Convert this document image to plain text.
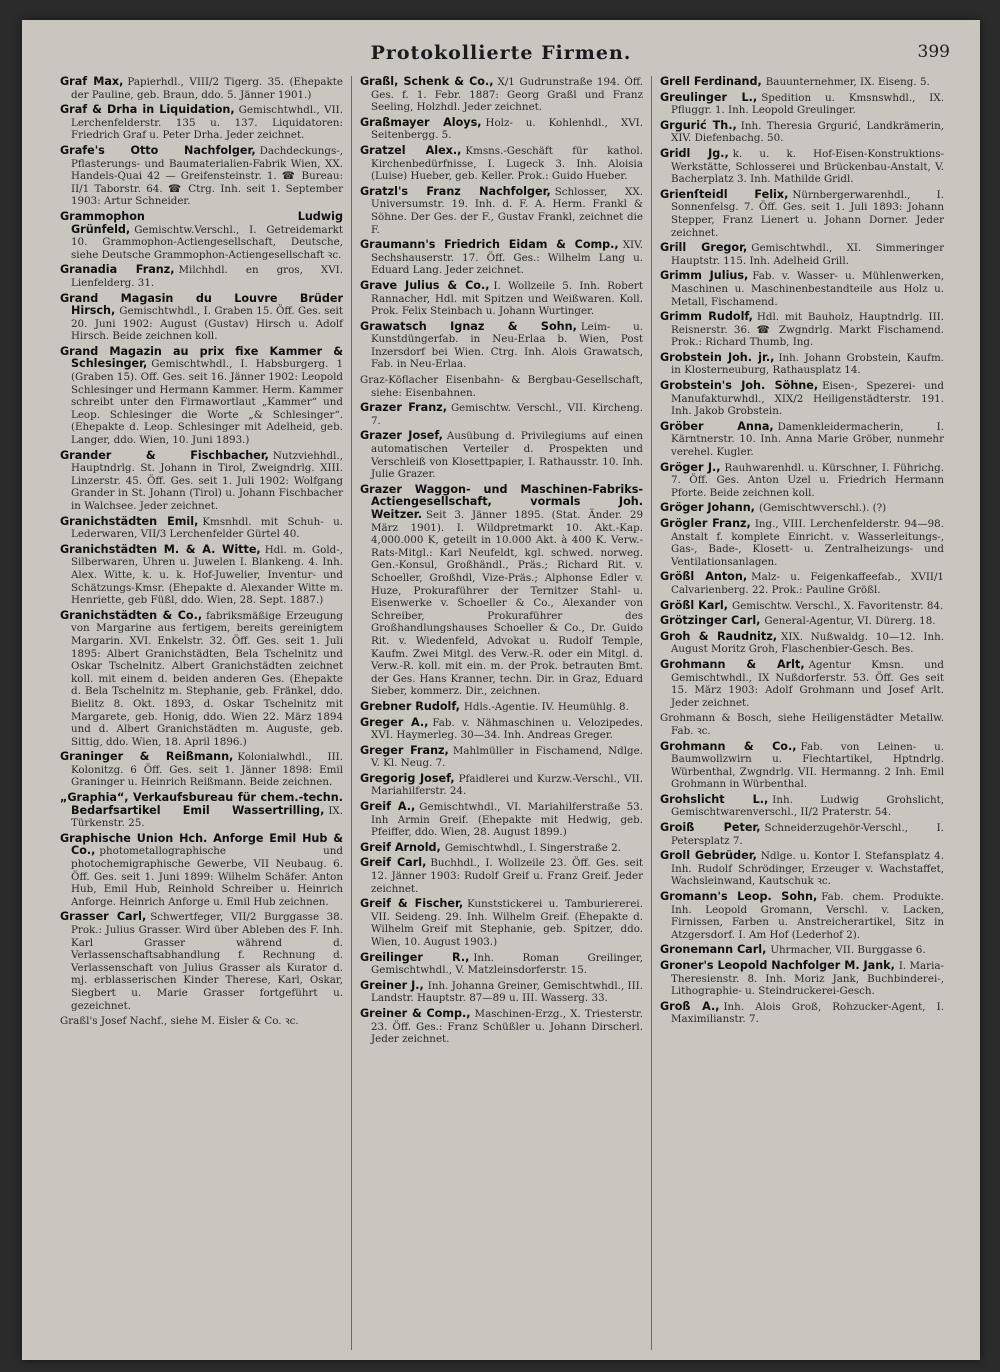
Protokollierte Firmen.	399

Graf Max, Papierhdl., VIII/2 Tigerg. 35. (Ehepakte der Pauline, geb. Braun, ddo. 5. Jänner 1901.)

Graf & Drha in Liquidation, Gemischtwhdl., VII. Lerchenfelderstr. 135 u. 137. Liquidatoren: Friedrich Graf u. Peter Drha. Jeder zeichnet.

Grafe's Otto Nachfolger, Dachdeckungs-, Pflasterungs- und Baumaterialien-Fabrik Wien, XX. Handels-Quai 42 — Greifensteinstr. 1. ☎ Bureau: II/1 Taborstr. 64. ☎ Ctrg. Inh. seit 1. September 1903: Artur Schneider.

Grammophon Ludwig Grünfeld, Gemischtw.Verschl., I. Getreidemarkt 10. Grammophon-Actiengesellschaft, Deutsche, siehe Deutsche Grammophon-Actiengesellschaft ꝛc.

Granadia Franz, Milchhdl. en gros, XVI. Lienfelderg. 31.

Grand Magasin du Louvre Brüder Hirsch, Gemischtwhdl., I. Graben 15. Öff. Ges. seit 20. Juni 1902: August (Gustav) Hirsch u. Adolf Hirsch. Beide zeichnen koll.

Grand Magazin au prix fixe Kammer & Schlesinger, Gemischtwhdl., I. Habsburgerg. 1 (Graben 15). Off. Ges. seit 16. Jänner 1902: Leopold Schlesinger und Hermann Kammer. Herm. Kammer schreibt unter den Firmawortlaut „Kammer“ und Leop. Schlesinger die Worte „& Schlesinger“. (Ehepakte d. Leop. Schlesinger mit Adelheid, geb. Langer, ddo. Wien, 10. Juni 1893.)

Grander & Fischbacher, Nutzviehhdl., Hauptndrlg. St. Johann in Tirol, Zweigndrlg. XIII. Linzerstr. 45. Öff. Ges. seit 1. Juli 1902: Wolfgang Grander in St. Johann (Tirol) u. Johann Fischbacher in Walchsee. Jeder zeichnet.

Granichstädten Emil, Kmsnhdl. mit Schuh- u. Lederwaren, VII/3 Lerchenfelder Gürtel 40.

Granichstädten M. & A. Witte, Hdl. m. Gold-, Silberwaren, Uhren u. Juwelen I. Blankeng. 4. Inh. Alex. Witte, k. u. k. Hof-Juwelier, Inventur- und Schätzungs-Kmsr. (Ehepakte d. Alexander Witte m. Henriette, geb Füßl, ddo. Wien, 28. Sept. 1887.)

Granichstädten & Co., fabriksmäßige Erzeugung von Margarine aus fertigem, bereits gereinigtem Margarin. XVI. Enkelstr. 32. Öff. Ges. seit 1. Juli 1895: Albert Granichstädten, Bela Tschelnitz und Oskar Tschelnitz. Albert Granichstädten zeichnet koll. mit einem d. beiden anderen Ges. (Ehepakte d. Bela Tschelnitz m. Stephanie, geb. Fränkel, ddo. Bielitz 8. Okt. 1893, d. Oskar Tschelnitz mit Margarete, geb. Honig, ddo. Wien 22. März 1894 und d. Albert Granichstädten m. Auguste, geb. Sittig, ddo. Wien, 18. April 1896.)

Graninger & Reißmann, Kolonialwhdl., III. Kolonitzg. 6 Öff. Ges. seit 1. Jänner 1898: Emil Graninger u. Heinrich Reißmann. Beide zeichnen.

„Graphia“, Verkaufsbureau für chem.-techn. Bedarfsartikel Emil Wassertrilling, IX. Türkenstr. 25.

Graphische Union Hch. Anforge Emil Hub & Co., photometallographische und photochemigraphische Gewerbe, VII Neubaug. 6. Öff. Ges. seit 1. Juni 1899: Wilhelm Schäfer. Anton Hub, Emil Hub, Reinhold Schreiber u. Heinrich Anforge. Heinrich Anforge u. Emil Hub zeichnen.

Grasser Carl, Schwertfeger, VII/2 Burggasse 38. Prok.: Julius Grasser. Wird über Ableben des F. Inh. Karl Grasser während d. Verlassenschaftsabhandlung f. Rechnung d. Verlassenschaft von Julius Grasser als Kurator d. mj. erblasserischen Kinder Therese, Karl, Oskar, Siegbert u. Marie Grasser fortgeführt u. gezeichnet.

Graßl's Josef Nachf., siehe M. Eisler & Co. ꝛc.

Graßl, Schenk & Co., X/1 Gudrunstraße 194. Öff. Ges. f. 1. Febr. 1887: Georg Graßl und Franz Seeling, Holzhdl. Jeder zeichnet.

Graßmayer Aloys, Holz- u. Kohlenhdl., XVI. Seitenbergg. 5.

Gratzel Alex., Kmsns.-Geschäft für kathol. Kirchenbedürfnisse, I. Lugeck 3. Inh. Aloisia (Luise) Hueber, geb. Keller. Prok.: Guido Hueber.

Gratzl's Franz Nachfolger, Schlosser, XX. Universumstr. 19. Inh. d. F. A. Herm. Frankl & Söhne. Der Ges. der F., Gustav Frankl, zeichnet die F.

Graumann's Friedrich Eidam & Comp., XIV. Sechshauserstr. 17. Öff. Ges.: Wilhelm Lang u. Eduard Lang. Jeder zeichnet.

Grave Julius & Co., I. Wollzeile 5. Inh. Robert Rannacher, Hdl. mit Spitzen und Weißwaren. Koll. Prok. Felix Steinbach u. Johann Wurtinger.

Grawatsch Ignaz & Sohn, Leim- u. Kunstdüngerfab. in Neu-Erlaa b. Wien, Post Inzersdorf bei Wien. Ctrg. Inh. Alois Grawatsch, Fab. in Neu-Erlaa.

Graz-Köflacher Eisenbahn- & Bergbau-Gesellschaft, siehe: Eisenbahnen.

Grazer Franz, Gemischtw. Verschl., VII. Kircheng. 7.

Grazer Josef, Ausübung d. Privilegiums auf einen automatischen Verteiler d. Prospekten und Verschleiß von Klosettpapier, I. Rathausstr. 10. Inh. Julie Grazer.

Grazer Waggon- und Maschinen-Fabriks-Actiengesellschaft, vormals Joh. Weitzer. Seit 3. Jänner 1895. (Stat. Änder. 29 März 1901). I. Wildpretmarkt 10. Akt.-Kap. 4,000.000 K, geteilt in 10.000 Akt. à 400 K. Verw.-Rats-Mitgl.: Karl Neufeldt, kgl. schwed. norweg. Gen.-Konsul, Großhändl., Präs.; Richard Rit. v. Schoeller, Großhdl, Vize-Präs.; Alphonse Edler v. Huze, Prokuraführer der Ternitzer Stahl- u. Eisenwerke v. Schoeller & Co., Alexander von Schreiber, Prokuraführer des Großhandlungshauses Schoeller & Co., Dr. Guido Rit. v. Wiedenfeld, Advokat u. Rudolf Temple, Kaufm. Zwei Mitgl. des Verw.-R. oder ein Mitgl. d. Verw.-R. koll. mit ein. m. der Prok. betrauten Bmt. der Ges. Hans Kranner, techn. Dir. in Graz, Eduard Sieber, kommerz. Dir., zeichnen.

Grebner Rudolf, Hdls.-Agentie. IV. Heumühlg. 8.

Greger A., Fab. v. Nähmaschinen u. Velozipedes. XVI. Haymerleg. 30—34. Inh. Andreas Greger.

Greger Franz, Mahlmüller in Fischamend, Ndlge. V. Kl. Neug. 7.

Gregorig Josef, Pfaidlerei und Kurzw.-Verschl., VII. Mariahilferstr. 24.

Greif A., Gemischtwhdl., VI. Mariahilferstraße 53. Inh Armin Greif. (Ehepakte mit Hedwig, geb. Pfeiffer, ddo. Wien, 28. August 1899.)

Greif Arnold, Gemischtwhdl., I. Singerstraße 2.

Greif Carl, Buchhdl., I. Wollzeile 23. Öff. Ges. seit 12. Jänner 1903: Rudolf Greif u. Franz Greif. Jeder zeichnet.

Greif & Fischer, Kunststickerei u. Tamburiererei. VII. Seideng. 29. Inh. Wilhelm Greif. (Ehepakte d. Wilhelm Greif mit Stephanie, geb. Spitzer, ddo. Wien, 10. August 1903.)

Greilinger R., Inh. Roman Greilinger, Gemischtwhdl., V. Matzleinsdorferstr. 15.

Greiner J., Inh. Johanna Greiner, Gemischtwhdl., III. Landstr. Hauptstr. 87—89 u. III. Wasserg. 33.

Greiner & Comp., Maschinen-Erzg., X. Triesterstr. 23. Öff. Ges.: Franz Schüßler u. Johann Dirscherl. Jeder zeichnet.

Grell Ferdinand, Bauunternehmer, IX. Eiseng. 5.

Greulinger L., Spedition u. Kmsnswhdl., IX. Pfluggr. 1. Inh. Leopold Greulinger.

Grgurić Th., Inh. Theresia Grgurić, Landkrämerin, XIV. Diefenbachg. 50.

Gridl Jg., k. u. k. Hof-Eisen-Konstruktions-Werkstätte, Schlosserei und Brückenbau-Anstalt, V. Bacherplatz 3. Inh. Mathilde Gridl.

Grienſteidl Felix, Nürnbergerwarenhdl., I. Sonnenfelsg. 7. Öff. Ges. seit 1. Juli 1893: Johann Stepper, Franz Lienert u. Johann Dorner. Jeder zeichnet.

Grill Gregor, Gemischtwhdl., XI. Simmeringer Hauptstr. 115. Inh. Adelheid Grill.

Grimm Julius, Fab. v. Wasser- u. Mühlenwerken, Maschinen u. Maschinenbestandteile aus Holz u. Metall, Fischamend.

Grimm Rudolf, Hdl. mit Bauholz, Hauptndrlg. III. Reisnerstr. 36. ☎ Zwgndrlg. Markt Fischamend. Prok.: Richard Thumb, Ing.

Grobstein Joh. jr., Inh. Johann Grobstein, Kaufm. in Klosterneuburg, Rathausplatz 14.

Grobstein's Joh. Söhne, Eisen-, Spezerei- und Manufakturwhdl., XIX/2 Heiligenstädterstr. 191. Inh. Jakob Grobstein.

Gröber Anna, Damenkleidermacherin, I. Kärntnerstr. 10. Inh. Anna Marie Gröber, nunmehr verehel. Kugler.

Gröger J., Rauhwarenhdl. u. Kürschner, I. Führichg. 7. Öff. Ges. Anton Uzel u. Friedrich Hermann Pforte. Beide zeichnen koll.

Gröger Johann, (Gemischtwverschl.). (?)

Grögler Franz, Ing., VIII. Lerchenfelderstr. 94—98. Anstalt f. komplete Einricht. v. Wasserleitungs-, Gas-, Bade-, Klosett- u. Zentralheizungs- und Ventilationsanlagen.

Größl Anton, Malz- u. Feigenkaffeefab., XVII/1 Calvarienberg. 22. Prok.: Pauline Größl.

Größl Karl, Gemischtw. Verschl., X. Favoritenstr. 84.

Grötzinger Carl, General-Agentur, VI. Dürerg. 18.

Groh & Raudnitz, XIX. Nußwaldg. 10—12. Inh. August Moritz Groh, Flaschenbier-Gesch. Bes.

Grohmann & Arlt, Agentur Kmsn. und Gemischtwhdl., IX Nußdorferstr. 53. Öff. Ges seit 15. März 1903: Adolf Grohmann und Josef Arlt. Jeder zeichnet.

Grohmann & Bosch, siehe Heiligenstädter Metallw. Fab. ꝛc.

Grohmann & Co., Fab. von Leinen- u. Baumwollzwirn u. Flechtartikel, Hptndrlg. Würbenthal, Zwgndrlg. VII. Hermanng. 2 Inh. Emil Grohmann in Würbenthal.

Grohslicht L., Inh. Ludwig Grohslicht, Gemischtwarenverschl., II/2 Praterstr. 54.

Groiß Peter, Schneiderzugehör-Verschl., I. Petersplatz 7.

Groll Gebrüder, Ndlge. u. Kontor I. Stefansplatz 4. Inh. Rudolf Schrödinger, Erzeuger v. Wachstaffet, Wachsleinwand, Kautschuk ꝛc.

Gromann's Leop. Sohn, Fab. chem. Produkte. Inh. Leopold Gromann, Verschl. v. Lacken, Firnissen, Farben u. Anstreicherartikel, Sitz in Atzgersdorf. I. Am Hof (Lederhof 2).

Gronemann Carl, Uhrmacher, VII. Burggasse 6.

Groner's Leopold Nachfolger M. Jank, I. Maria-Theresienstr. 8. Inh. Moriz Jank, Buchbinderei-, Lithographie- u. Steindruckerei-Gesch.

Groß A., Inh. Alois Groß, Rohzucker-Agent, I. Maximilianstr. 7.
